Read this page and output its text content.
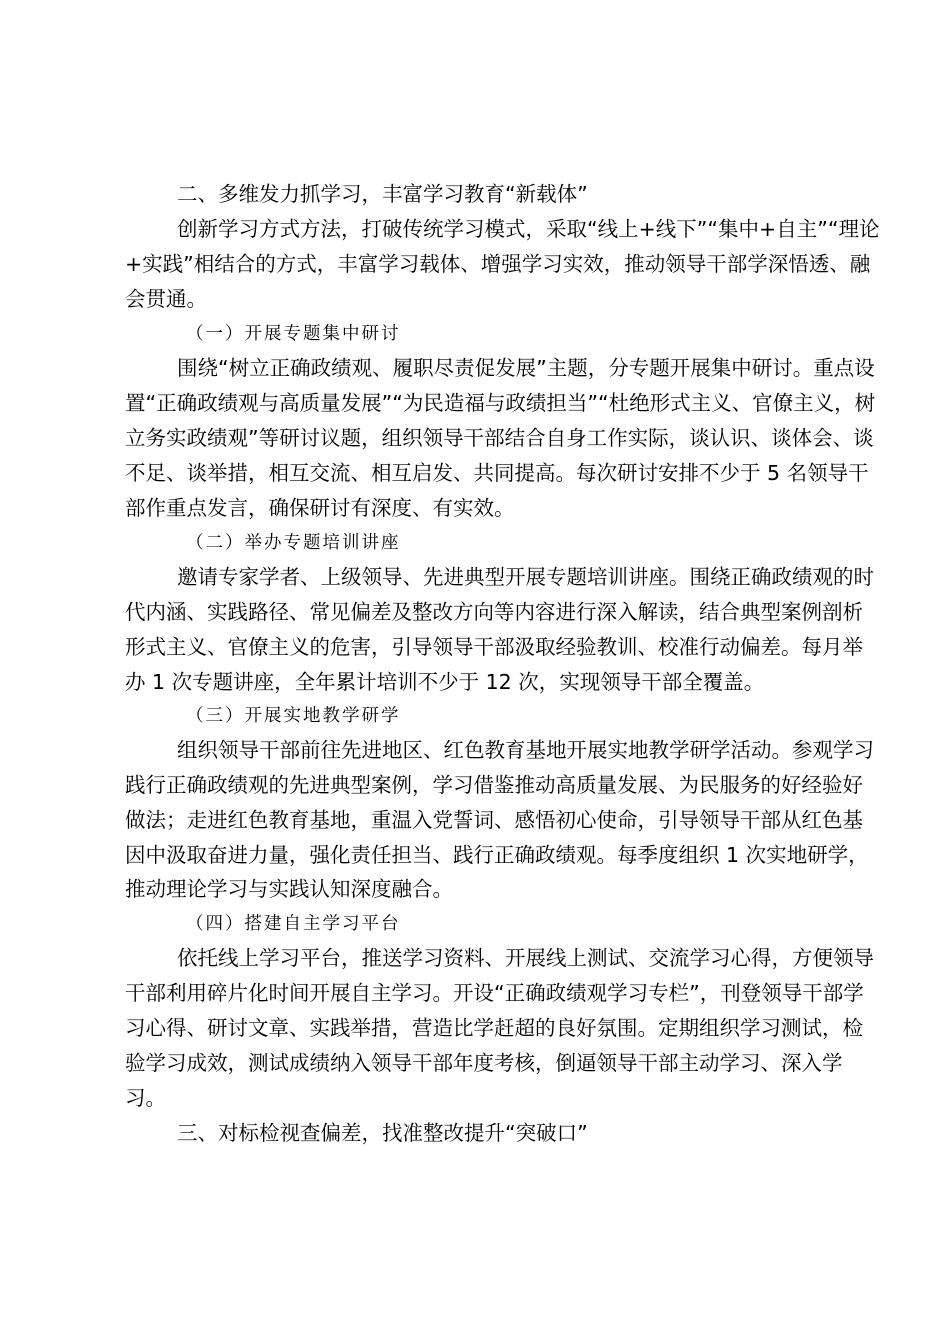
二、多维发力抓学习，丰富学习教育“新载体”
创新学习方式方法，打破传统学习模式，采取“线上+线下”“集中+自主”“理论
+实践”相结合的方式，丰富学习载体、增强学习实效，推动领导干部学深悟透、融
会贯通。
（一）开展专题集中研讨
围绕“树立正确政绩观、履职尽责促发展”主题，分专题开展集中研讨。重点设
置“正确政绩观与高质量发展”“为民造福与政绩担当”“杜绝形式主义、官僚主义，树
立务实政绩观”等研讨议题，组织领导干部结合自身工作实际，谈认识、谈体会、谈
不足、谈举措，相互交流、相互启发、共同提高。每次研讨安排不少于 5 名领导干
部作重点发言，确保研讨有深度、有实效。
（二）举办专题培训讲座
邀请专家学者、上级领导、先进典型开展专题培训讲座。围绕正确政绩观的时
代内涵、实践路径、常见偏差及整改方向等内容进行深入解读，结合典型案例剖析
形式主义、官僚主义的危害，引导领导干部汲取经验教训、校准行动偏差。每月举
办 1 次专题讲座，全年累计培训不少于 12 次，实现领导干部全覆盖。
（三）开展实地教学研学
组织领导干部前往先进地区、红色教育基地开展实地教学研学活动。参观学习
践行正确政绩观的先进典型案例，学习借鉴推动高质量发展、为民服务的好经验好
做法；走进红色教育基地，重温入党誓词、感悟初心使命，引导领导干部从红色基
因中汲取奋进力量，强化责任担当、践行正确政绩观。每季度组织 1 次实地研学，
推动理论学习与实践认知深度融合。
（四）搭建自主学习平台
依托线上学习平台，推送学习资料、开展线上测试、交流学习心得，方便领导
干部利用碎片化时间开展自主学习。开设“正确政绩观学习专栏”，刊登领导干部学
习心得、研讨文章、实践举措，营造比学赶超的良好氛围。定期组织学习测试，检
验学习成效，测试成绩纳入领导干部年度考核，倒逼领导干部主动学习、深入学
习。
三、对标检视查偏差，找准整改提升“突破口”
